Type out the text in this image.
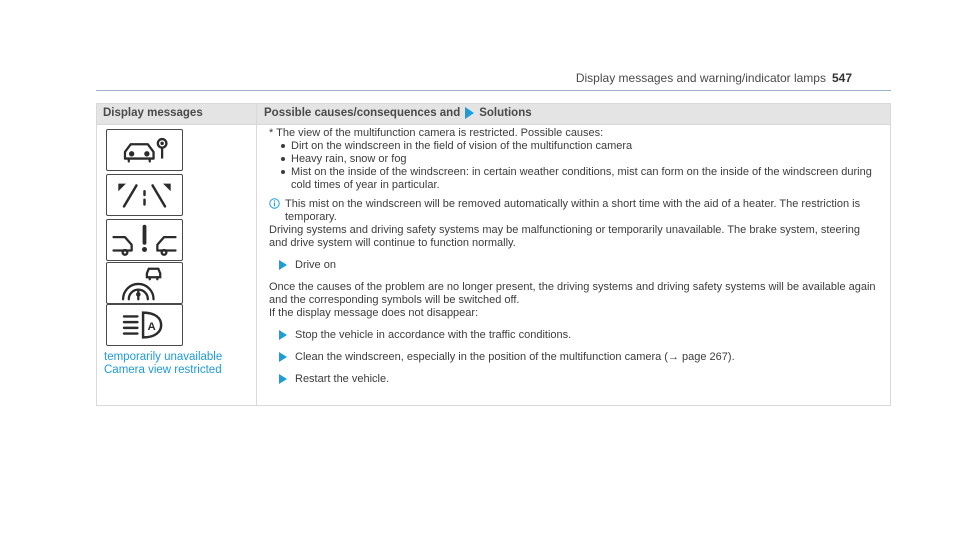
Display messages and warning/indicator lamps 547
Display messages	Possible causes/consequences and Solutions
A
temporarily unavailable
Camera view restricted

* The view of the multifunction camera is restricted. Possible causes:

Dirt on the windscreen in the field of vision of the multifunction camera
Heavy rain, snow or fog
Mist on the inside of the windscreen: in certain weather conditions, mist can form on the inside of the windscreen during cold times of year in particular.
This mist on the windscreen will be removed automatically within a short time with the aid of a heater. The restriction is temporary.

Driving systems and driving safety systems may be malfunctioning or temporarily unavailable. The brake system, steering and drive system will continue to function normally.

Drive on

Once the causes of the problem are no longer present, the driving systems and driving safety systems will be available again and the corresponding symbols will be switched off.

If the display message does not disappear:

Stop the vehicle in accordance with the traffic conditions.
Clean the windscreen, especially in the position of the multifunction camera (→ page 267).
Restart the vehicle.
